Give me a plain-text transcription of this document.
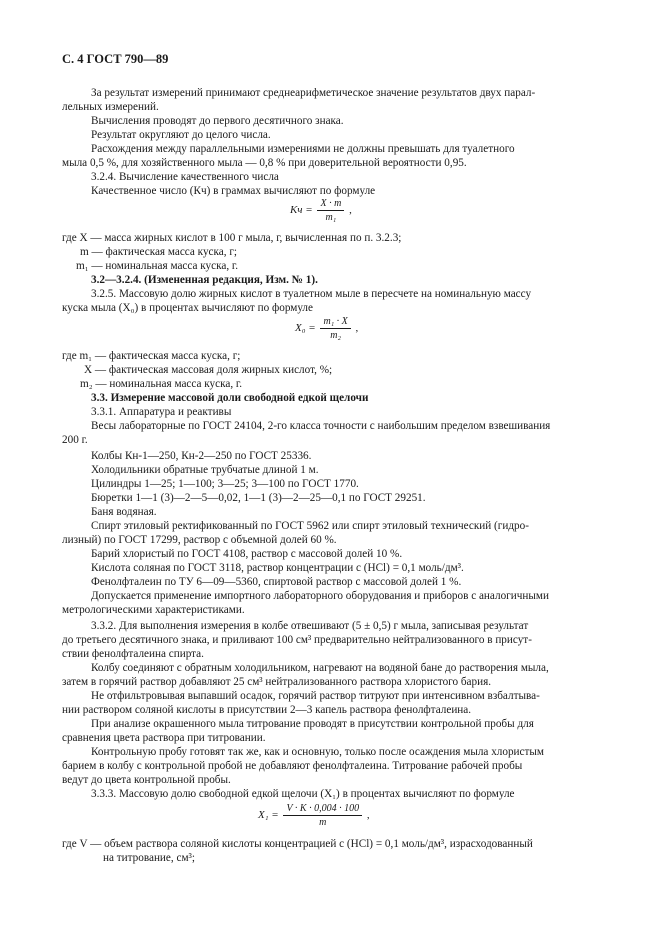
С. 4 ГОСТ 790—89
За результат измерений принимают среднеарифметическое значение результатов двух парал-
лельных измерений.
Вычисления проводят до первого десятичного знака.
Результат округляют до целого числа.
Расхождения между параллельными измерениями не должны превышать для туалетного
мыла 0,5 %, для хозяйственного мыла — 0,8 % при доверительной вероятности 0,95.
3.2.4. Вычисление качественного числа
Качественное число (Кч) в граммах вычисляют по формуле
Кч = $\frac{X \cdot m}{\text{m₁}}$ ,
где X — масса жирных кислот в 100 г мыла, г, вычисленная по п. 3.2.3;
m — фактическая масса куска, г;
m₁ — номинальная масса куска, г.
3.2—3.2.4. (Измененная редакция, Изм. № 1).
3.2.5. Массовую долю жирных кислот в туалетном мыле в пересчете на номинальную массу
куска мыла (X₀) в процентах вычисляют по формуле
$X_0 = \frac{\text{m₁ · X}}{\text{m₂}}$ ,
где m₁ — фактическая масса куска, г;
X — фактическая массовая доля жирных кислот, %;
m₂ — номинальная масса куска, г.
3.3. Измерение массовой доли свободной едкой щелочи
3.3.1. Аппаратура и реактивы
Весы лабораторные по ГОСТ 24104, 2-го класса точности с наибольшим пределом взвешивания
200 г.
Колбы Кн-1—250, Кн-2—250 по ГОСТ 25336.
Холодильники обратные трубчатые длиной 1 м.
Цилиндры 1—25; 1—100; 3—25; 3—100 по ГОСТ 1770.
Бюретки 1—1 (3)—2—5—0,02, 1—1 (3)—2—25—0,1 по ГОСТ 29251.
Баня водяная.
Спирт этиловый ректификованный по ГОСТ 5962 или спирт этиловый технический (гидро-
лизный) по ГОСТ 17299, раствор с объемной долей 60 %.
Барий хлористый по ГОСТ 4108, раствор с массовой долей 10 %.
Кислота соляная по ГОСТ 3118, раствор концентрации с (HCl) = 0,1 моль/дм³.
Фенолфталеин по ТУ 6—09—5360, спиртовой раствор с массовой долей 1 %.
Допускается применение импортного лабораторного оборудования и приборов с аналогичными
метрологическими характеристиками.
3.3.2. Для выполнения измерения в колбе отвешивают (5 ± 0,5) г мыла, записывая результат
до третьего десятичного знака, и приливают 100 см³ предварительно нейтрализованного в присут-
ствии фенолфталеина спирта.
Колбу соединяют с обратным холодильником, нагревают на водяной бане до растворения мыла,
затем в горячий раствор добавляют 25 см³ нейтрализованного раствора хлористого бария.
Не отфильтровывая выпавший осадок, горячий раствор титруют при интенсивном взбалтыва-
нии раствором соляной кислоты в присутствии 2—3 капель раствора фенолфталеина.
При анализе окрашенного мыла титрование проводят в присутствии контрольной пробы для
сравнения цвета раствора при титровании.
Контрольную пробу готовят так же, как и основную, только после осаждения мыла хлористым
барием в колбу с контрольной пробой не добавляют фенолфталеина. Титрование рабочей пробы
ведут до цвета контрольной пробы.
3.3.3. Массовую долю свободной едкой щелочи (X₁) в процентах вычисляют по формуле
$X_1 = \frac{V \cdot K \cdot 0,004 \cdot 100}{m}$ ,
где V — объем раствора соляной кислоты концентрацией с (HCl) = 0,1 моль/дм³, израсходованный
на титрование, см³;
